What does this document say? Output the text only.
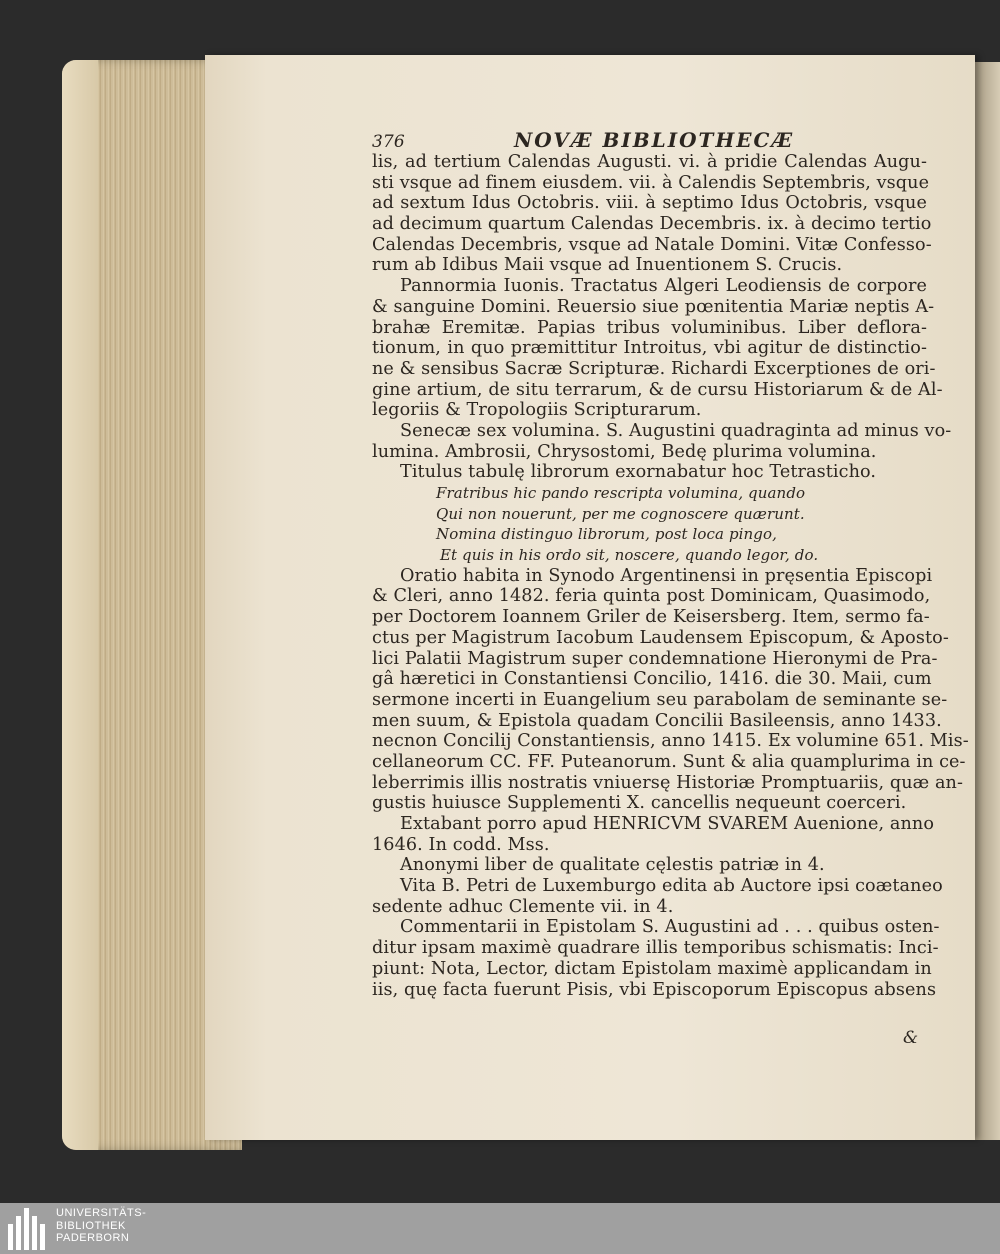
376	NOVÆ BIBLIOTHECÆ
lis, ad tertium Calendas Augusti. vi. à pridie Calendas Augu-
sti vsque ad finem eiusdem. vii. à Calendis Septembris, vsque
ad sextum Idus Octobris. viii. à septimo Idus Octobris, vsque
ad decimum quartum Calendas Decembris. ix. à decimo tertio
Calendas Decembris, vsque ad Natale Domini. Vitæ Confesso-
rum ab Idibus Maii vsque ad Inuentionem S. Crucis.
Pannormia Iuonis. Tractatus Algeri Leodiensis de corpore
& sanguine Domini. Reuersio siue pœnitentia Mariæ neptis A-
brahæ Eremitæ. Papias tribus voluminibus. Liber deflora-
tionum, in quo præmittitur Introitus, vbi agitur de distinctio-
ne & sensibus Sacræ Scripturæ. Richardi Excerptiones de ori-
gine artium, de situ terrarum, & de cursu Historiarum & de Al-
legoriis & Tropologiis Scripturarum.
Senecæ sex volumina. S. Augustini quadraginta ad minus vo-
lumina. Ambrosii, Chrysostomi, Bedę plurima volumina.
Titulus tabulę librorum exornabatur hoc Tetrasticho.
Fratribus hic pando rescripta volumina, quando
Qui non nouerunt, per me cognoscere quærunt.
Nomina distinguo librorum, post loca pingo,
Et quis in his ordo sit, noscere, quando legor, do.
Oratio habita in Synodo Argentinensi in pręsentia Episcopi
& Cleri, anno 1482. feria quinta post Dominicam, Quasimodo,
per Doctorem Ioannem Griler de Keisersberg. Item, sermo fa-
ctus per Magistrum Iacobum Laudensem Episcopum, & Aposto-
lici Palatii Magistrum super condemnatione Hieronymi de Pra-
gâ hæretici in Constantiensi Concilio, 1416. die 30. Maii, cum
sermone incerti in Euangelium seu parabolam de seminante se-
men suum, & Epistola quadam Concilii Basileensis, anno 1433.
necnon Concilij Constantiensis, anno 1415. Ex volumine 651. Mis-
cellaneorum CC. FF. Puteanorum. Sunt & alia quamplurima in ce-
leberrimis illis nostratis vniuersę Historiæ Promptuariis, quæ an-
gustis huiusce Supplementi X. cancellis nequeunt coerceri.
Extabant porro apud HENRICVM SVAREM Auenione, anno
1646. In codd. Mss.
Anonymi liber de qualitate cęlestis patriæ in 4.
Vita B. Petri de Luxemburgo edita ab Auctore ipsi coætaneo
sedente adhuc Clemente vii. in 4.
Commentarii in Epistolam S. Augustini ad . . . quibus osten-
ditur ipsam maximè quadrare illis temporibus schismatis: Inci-
piunt: Nota, Lector, dictam Epistolam maximè applicandam in
iis, quę facta fuerunt Pisis, vbi Episcoporum Episcopus absens
&
UNIVERSITÄTS-
BIBLIOTHEK
PADERBORN
